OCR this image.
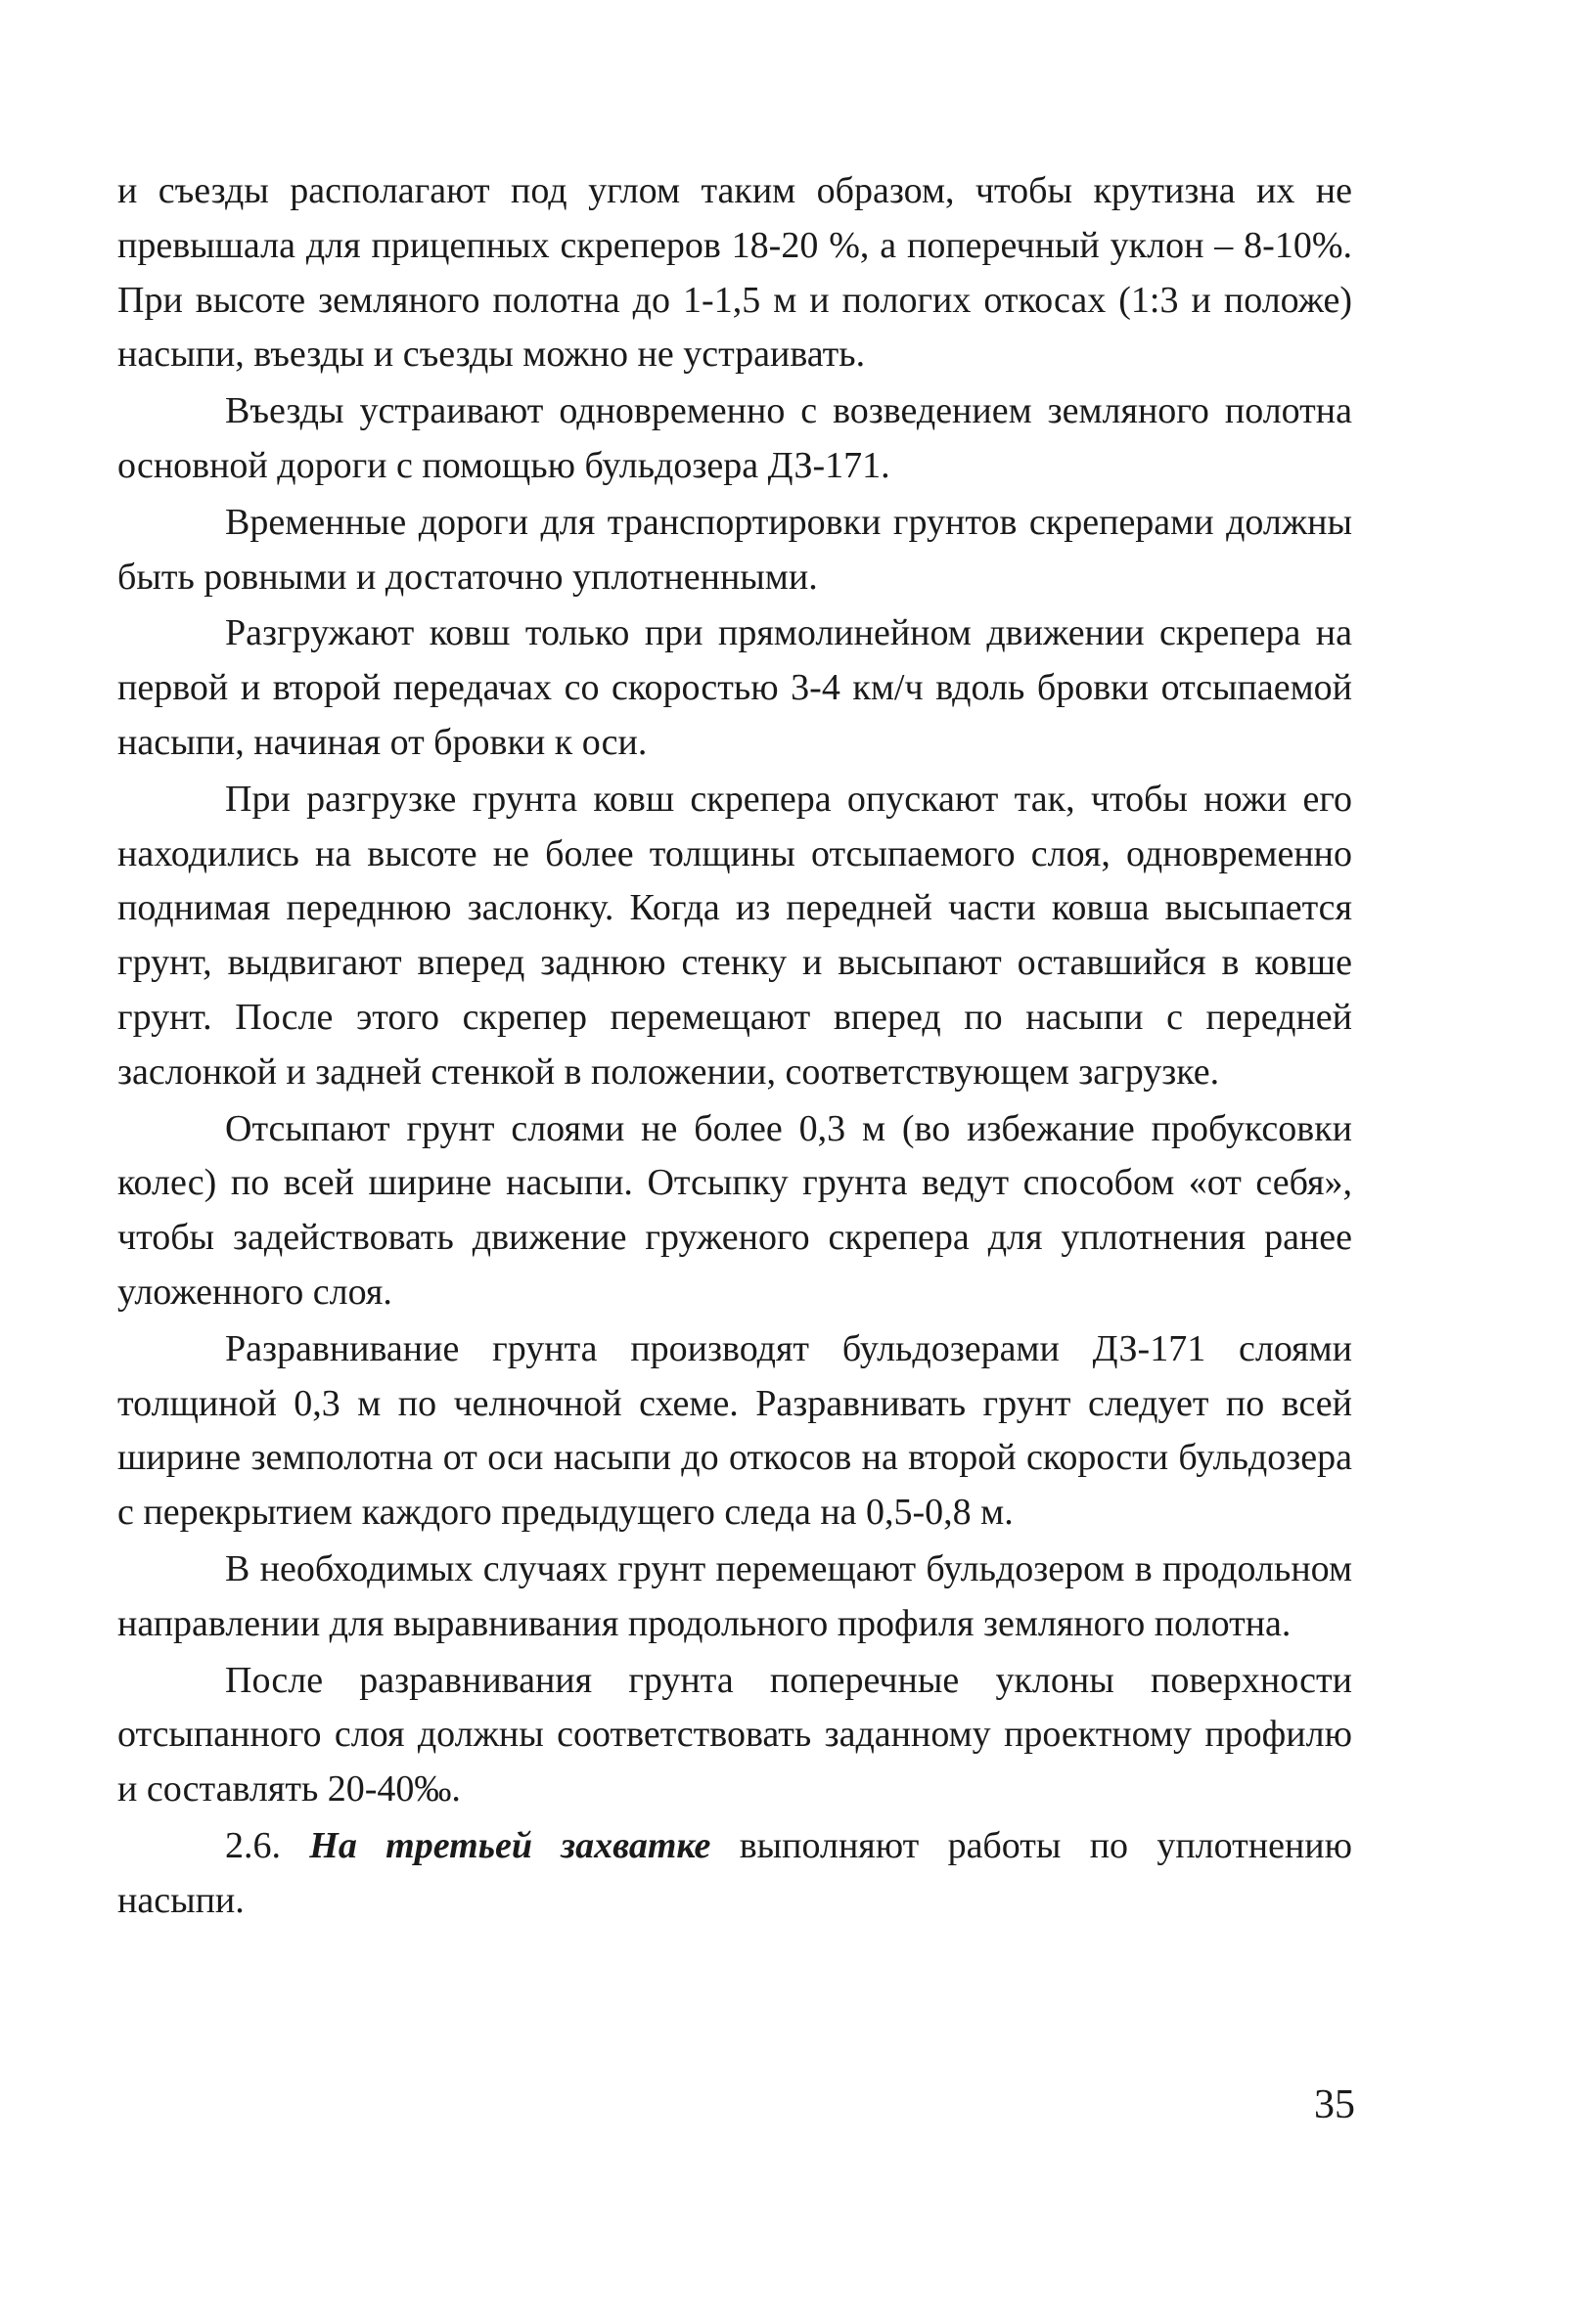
и съезды располагают под углом таким образом, чтобы крутизна их не превышала для прицепных скреперов 18-20 %, а поперечный уклон – 8-10%. При высоте земляного полотна до 1-1,5 м и пологих откосах (1:3 и положе) насыпи, въезды и съезды можно не устраивать.

Въезды устраивают одновременно с возведением земляного полотна основной дороги с помощью бульдозера ДЗ-171.

Временные дороги для транспортировки грунтов скреперами должны быть ровными и достаточно уплотненными.

Разгружают ковш только при прямолинейном движении скрепера на первой и второй передачах со скоростью 3-4 км/ч вдоль бровки отсыпаемой насыпи, начиная от бровки к оси.

При разгрузке грунта ковш скрепера опускают так, чтобы ножи его находились на высоте не более толщины отсыпаемого слоя, одновременно поднимая переднюю заслонку. Когда из передней части ковша высыпается грунт, выдвигают вперед заднюю стенку и высыпают оставшийся в ковше грунт. После этого скрепер перемещают вперед по насыпи с передней заслонкой и задней стенкой в положении, соответствующем загрузке.

Отсыпают грунт слоями не более 0,3 м (во избежание пробуксовки колес) по всей ширине насыпи. Отсыпку грунта ведут способом «от себя», чтобы задействовать движение груженого скрепера для уплотнения ранее уложенного слоя.

Разравнивание грунта производят бульдозерами ДЗ-171 слоями толщиной 0,3 м по челночной схеме. Разравнивать грунт следует по всей ширине земполотна от оси насыпи до откосов на второй скорости бульдозера с перекрытием каждого предыдущего следа на 0,5-0,8 м.

В необходимых случаях грунт перемещают бульдозером в продольном направлении для выравнивания продольного профиля земляного полотна.

После разравнивания грунта поперечные уклоны поверхности отсыпанного слоя должны соответствовать заданному проектному профилю и составлять 20-40‰.

2.6. На третьей захватке выполняют работы по уплотнению насыпи.

35
